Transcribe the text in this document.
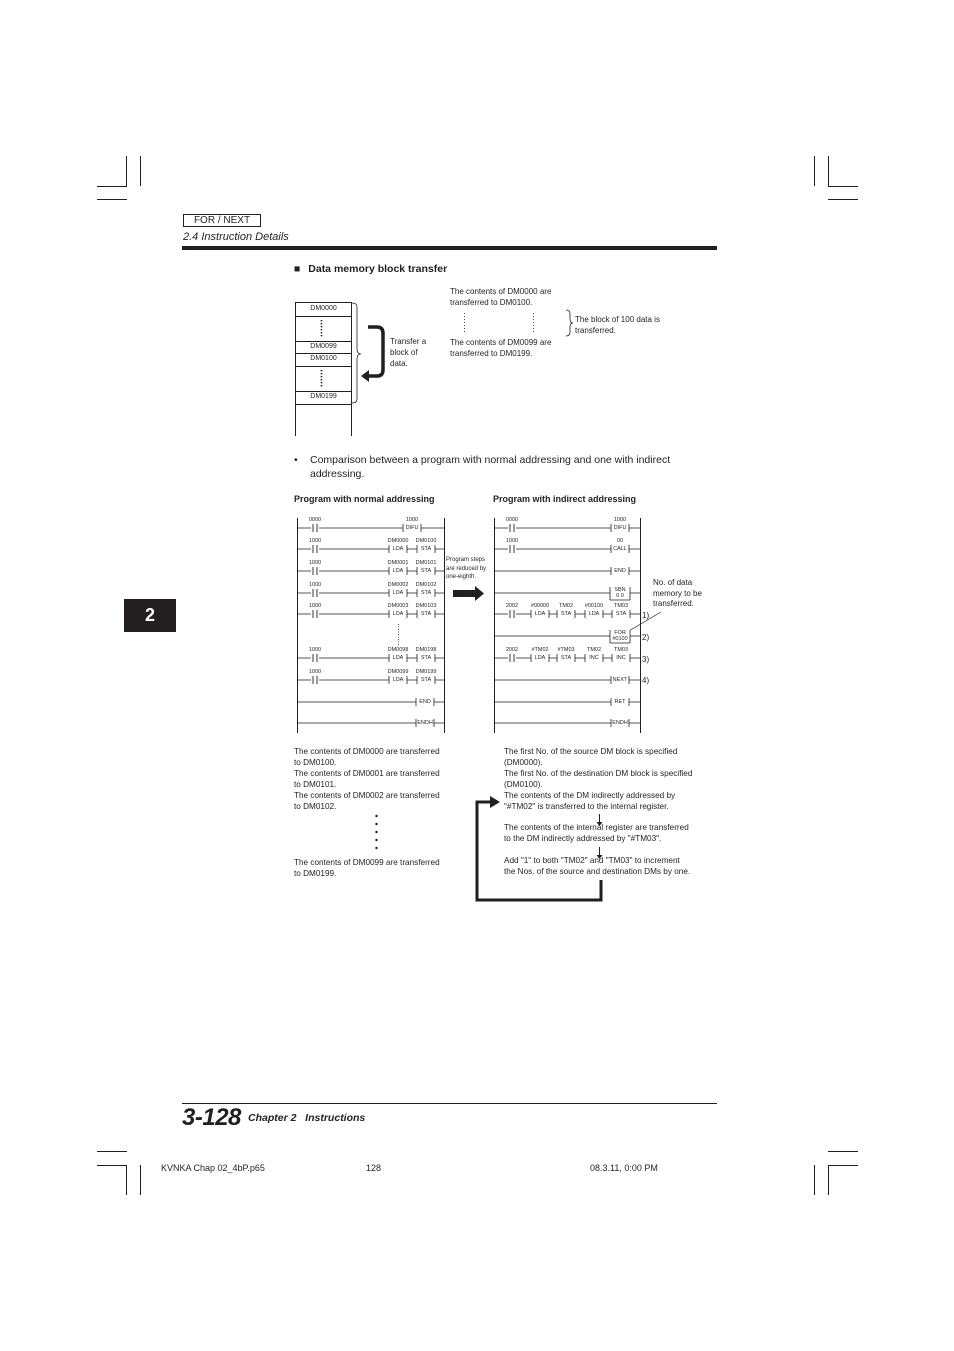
FOR / NEXT
2.4 Instruction Details
2
■ Data memory block transfer
DM0000
DM0099
DM0100
DM0199
Transfer a
block of
data.
The contents of DM0000 are
transferred to DM0100.
The contents of DM0099 are
transferred to DM0199.
The block of 100 data is
transferred.
• Comparison between a program with normal addressing and one with indirect
addressing.
Program with normal addressing	Program with indirect addressing
Program steps
are reduced by
one-eighth.
No. of data
memory to be
transferred.
0000	1000
DIFU
1000	DM0000
LDA
DM0100
STA
1000	DM0001
LDA
DM0101
STA
1000	DM0002
LDA
DM0102
STA
1000	DM0003
LDA
DM0103
STA
1000	DM0098
LDA
DM0198
STA
1000	DM0099
LDA
DM0199
STA
END
ENDH
0000	1000
DIFU
1000	00
CALL
END
SBN
0 0
2002	#00000
LDA
TM02
STA
#00100
LDA
TM03
STA
FOR
#0100
2002	#TM02
LDA
#TM03
STA
TM02
INC
TM03
INC
NEXT
RET
ENDH
1)
2)
3)
4)
The contents of DM0000 are transferred
to DM0100.
The contents of DM0001 are transferred
to DM0101.
The contents of DM0002 are transferred
to DM0102.
The contents of DM0099 are transferred
to DM0199.
The first No. of the source DM block is specified
(DM0000).
The first No. of the destination DM block is specified
(DM0100).
The contents of the DM indirectly addressed by
"#TM02" is transferred to the internal register.
The contents of the internal register are transferred
to the DM indirectly addressed by "#TM03".
Add "1" to both "TM02" and "TM03" to increment
the Nos. of the source and destination DMs by one.
3-128 Chapter 2   Instructions
KVNKA Chap 02_4bP.p65	128	08.3.11, 0:00 PM
